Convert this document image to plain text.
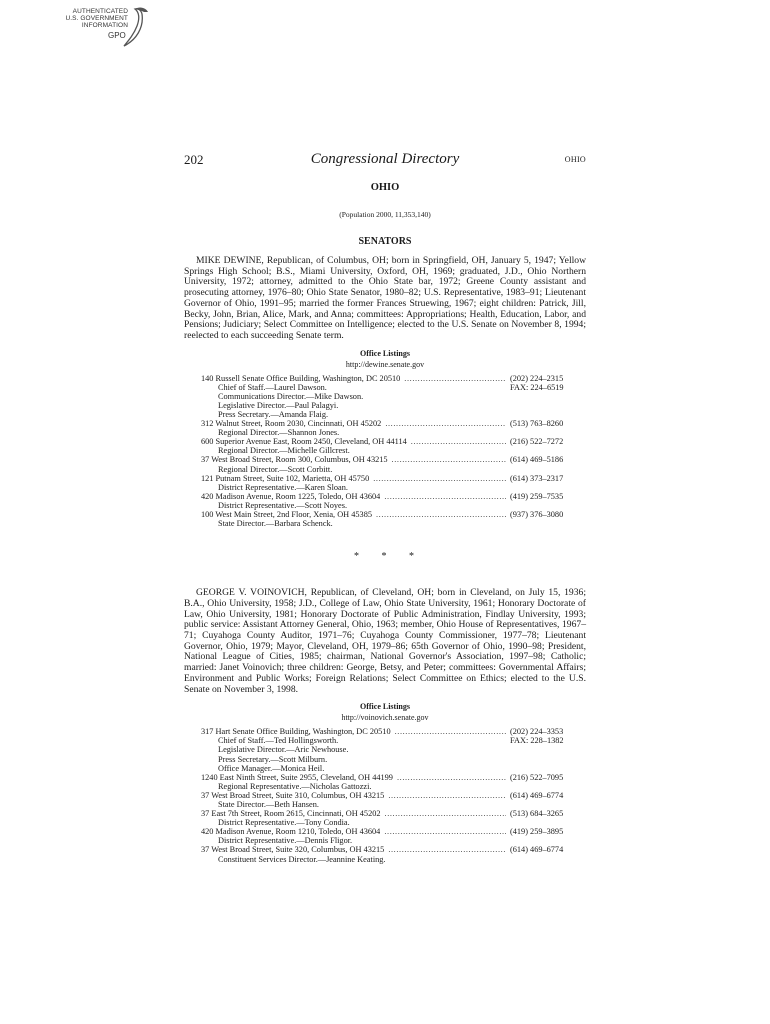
AUTHENTICATED
U.S. GOVERNMENT
INFORMATION
GPO
202	Congressional Directory	OHIO
OHIO

(Population 2000, 11,353,140)

SENATORS

MIKE DEWINE, Republican, of Columbus, OH; born in Springfield, OH, January 5, 1947; Yellow Springs High School; B.S., Miami University, Oxford, OH, 1969; graduated, J.D., Ohio Northern University, 1972; attorney, admitted to the Ohio State bar, 1972; Greene County assistant and prosecuting attorney, 1976–80; Ohio State Senator, 1980–82; U.S. Representative, 1983–91; Lieutenant Governor of Ohio, 1991–95; married the former Frances Struewing, 1967; eight children: Patrick, Jill, Becky, John, Brian, Alice, Mark, and Anna; committees: Appropriations; Health, Education, Labor, and Pensions; Judiciary; Select Committee on Intelligence; elected to the U.S. Senate on November 8, 1994; reelected to each succeeding Senate term.

Office Listings

http://dewine.senate.gov

140 Russell Senate Office Building, Washington, DC 20510 .....	(202) 224–2315
Chief of Staff.—Laurel Dawson.	FAX: 224–6519
Communications Director.—Mike Dawson.
Legislative Director.—Paul Palagyi.
Press Secretary.—Amanda Flaig.
312 Walnut Street, Room 2030, Cincinnati, OH 45202 .....	(513) 763–8260
Regional Director.—Shannon Jones.
600 Superior Avenue East, Room 2450, Cleveland, OH 44114 .....	(216) 522–7272
Regional Director.—Michelle Gillcrest.
37 West Broad Street, Room 300, Columbus, OH 43215 .....	(614) 469–5186
Regional Director.—Scott Corbitt.
121 Putnam Street, Suite 102, Marietta, OH 45750 .....	(614) 373–2317
District Representative.—Karen Sloan.
420 Madison Avenue, Room 1225, Toledo, OH 43604 .....	(419) 259–7535
District Representative.—Scott Noyes.
100 West Main Street, 2nd Floor, Xenia, OH 45385 .....	(937) 376–3080
State Director.—Barbara Schenck.
* * *

GEORGE V. VOINOVICH, Republican, of Cleveland, OH; born in Cleveland, on July 15, 1936; B.A., Ohio University, 1958; J.D., College of Law, Ohio State University, 1961; Honorary Doctorate of Law, Ohio University, 1981; Honorary Doctorate of Public Administration, Findlay University, 1993; public service: Assistant Attorney General, Ohio, 1963; member, Ohio House of Representatives, 1967–71; Cuyahoga County Auditor, 1971–76; Cuyahoga County Commissioner, 1977–78; Lieutenant Governor, Ohio, 1979; Mayor, Cleveland, OH, 1979–86; 65th Governor of Ohio, 1990–98; President, National League of Cities, 1985; chairman, National Governor's Association, 1997–98; Catholic; married: Janet Voinovich; three children: George, Betsy, and Peter; committees: Governmental Affairs; Environment and Public Works; Foreign Relations; Select Committee on Ethics; elected to the U.S. Senate on November 3, 1998.

Office Listings

http://voinovich.senate.gov

317 Hart Senate Office Building, Washington, DC 20510 .....	(202) 224–3353
Chief of Staff.—Ted Hollingsworth.	FAX: 228–1382
Legislative Director.—Aric Newhouse.
Press Secretary.—Scott Milburn.
Office Manager.—Monica Heil.
1240 East Ninth Street, Suite 2955, Cleveland, OH 44199 .....	(216) 522–7095
Regional Representative.—Nicholas Gattozzi.
37 West Broad Street, Suite 310, Columbus, OH 43215 .....	(614) 469–6774
State Director.—Beth Hansen.
37 East 7th Street, Room 2615, Cincinnati, OH 45202 .....	(513) 684–3265
District Representative.—Tony Condia.
420 Madison Avenue, Room 1210, Toledo, OH 43604 .....	(419) 259–3895
District Representative.—Dennis Fligor.
37 West Broad Street, Suite 320, Columbus, OH 43215 .....	(614) 469–6774
Constituent Services Director.—Jeannine Keating.
